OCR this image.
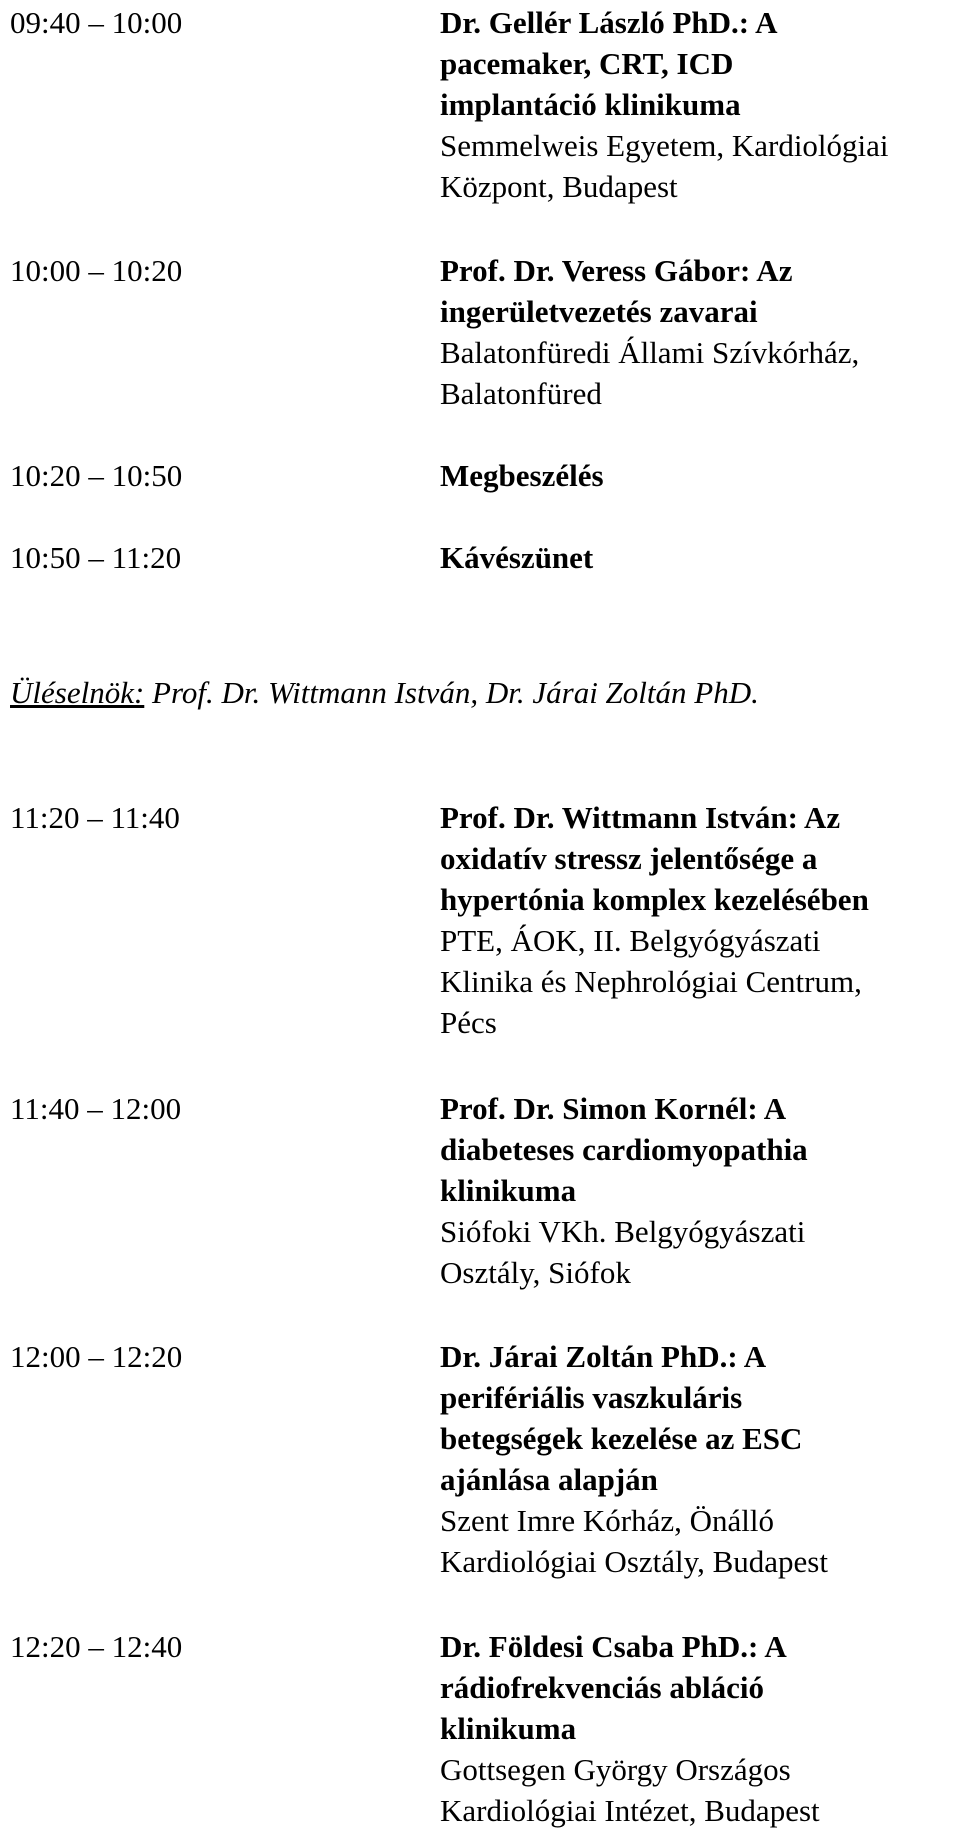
09:40 – 10:00	Dr. Gellér László PhD.: A
pacemaker, CRT, ICD
implantáció klinikuma
Semmelweis Egyetem, Kardiológiai
Központ, Budapest
10:00 – 10:20	Prof. Dr. Veress Gábor: Az
ingerületvezetés zavarai
Balatonfüredi Állami Szívkórház,
Balatonfüred
10:20 – 10:50	Megbeszélés
10:50 – 11:20	Kávészünet
Üléselnök: Prof. Dr. Wittmann István, Dr. Járai Zoltán PhD.
11:20 – 11:40	Prof. Dr. Wittmann István: Az
oxidatív stressz jelentősége a
hypertónia komplex kezelésében
PTE, ÁOK, II. Belgyógyászati
Klinika és Nephrológiai Centrum,
Pécs
11:40 – 12:00	Prof. Dr. Simon Kornél: A
diabeteses cardiomyopathia
klinikuma
Siófoki VKh. Belgyógyászati
Osztály, Siófok
12:00 – 12:20	Dr. Járai Zoltán PhD.: A
perifériális vaszkuláris
betegségek kezelése az ESC
ajánlása alapján
Szent Imre Kórház, Önálló
Kardiológiai Osztály, Budapest
12:20 – 12:40	Dr. Földesi Csaba PhD.: A
rádiofrekvenciás abláció
klinikuma
Gottsegen György Országos
Kardiológiai Intézet, Budapest
